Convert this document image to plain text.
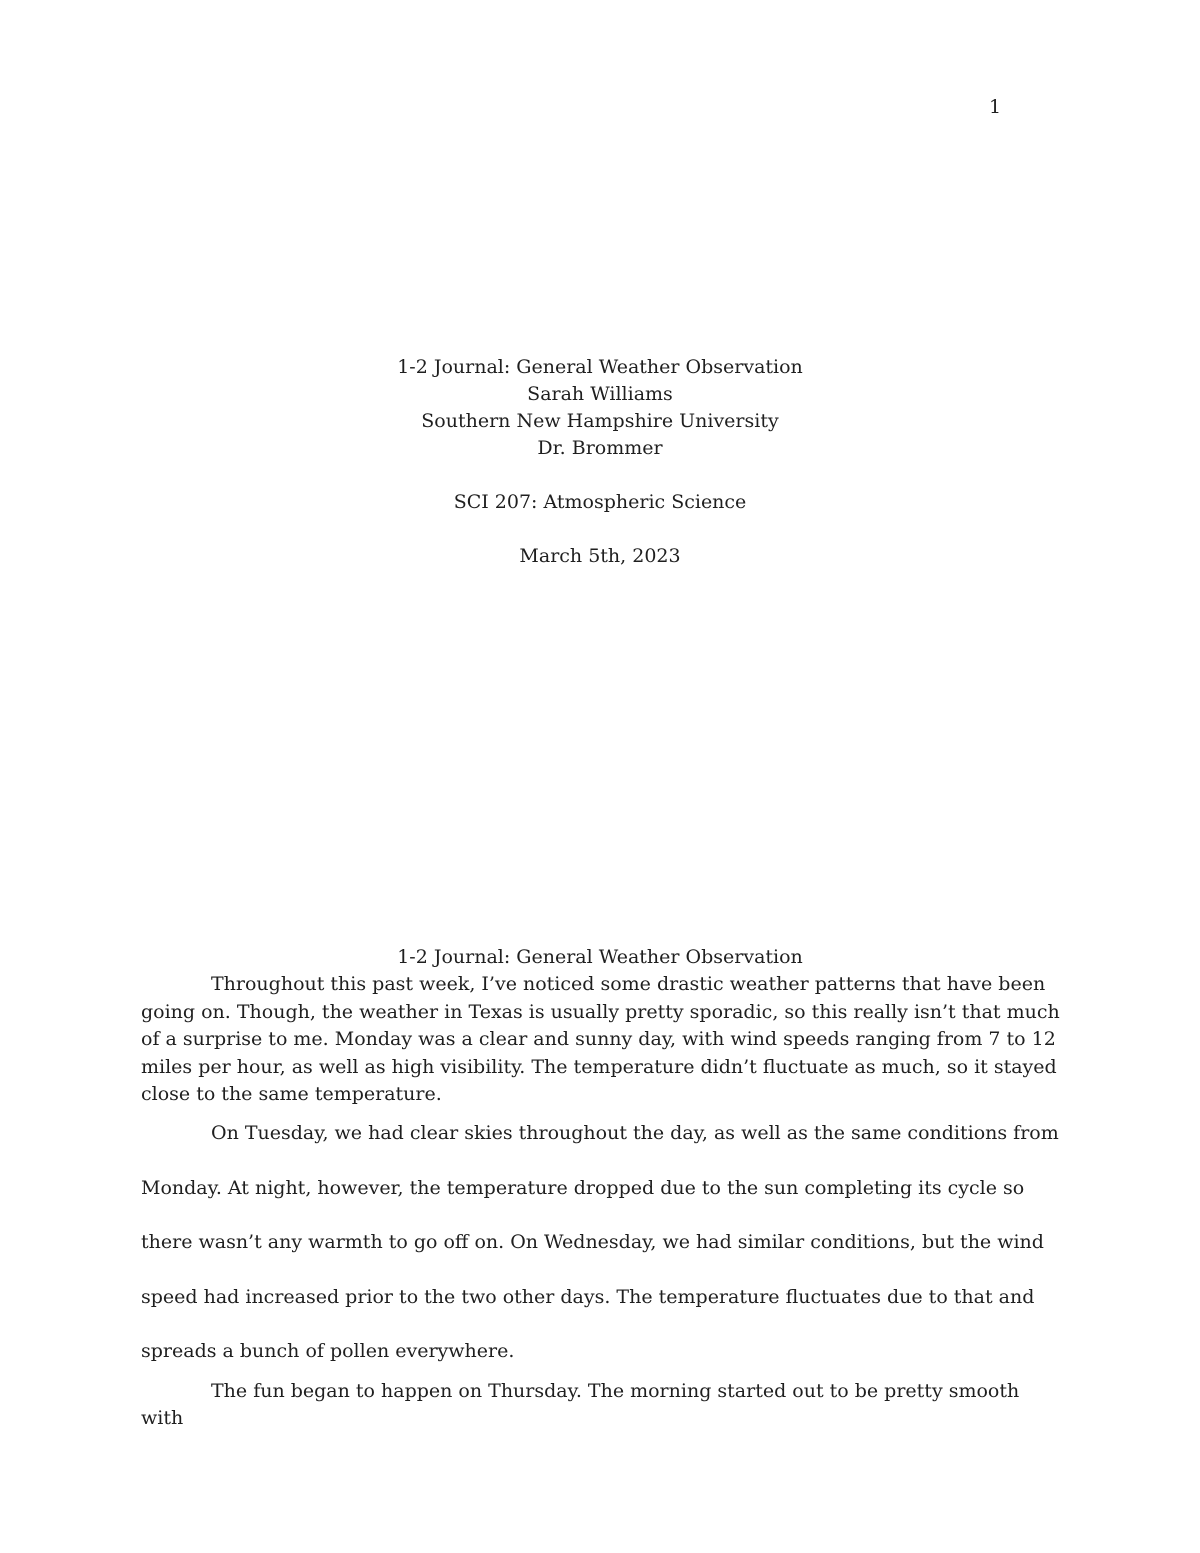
1
1-2 Journal: General Weather Observation
Sarah Williams
Southern New Hampshire University
Dr. Brommer
SCI 207: Atmospheric Science
March 5th, 2023
1-2 Journal: General Weather Observation

Throughout this past week, I’ve noticed some drastic weather patterns that have been going on. Though, the weather in Texas is usually pretty sporadic, so this really isn’t that much of a surprise to me. Monday was a clear and sunny day, with wind speeds ranging from 7 to 12 miles per hour, as well as high visibility. The temperature didn’t fluctuate as much, so it stayed close to the same temperature.

On Tuesday, we had clear skies throughout the day, as well as the same conditions from Monday. At night, however, the temperature dropped due to the sun completing its cycle so there wasn’t any warmth to go off on. On Wednesday, we had similar conditions, but the wind speed had increased prior to the two other days. The temperature fluctuates due to that and spreads a bunch of pollen everywhere.

The fun began to happen on Thursday. The morning started out to be pretty smooth with
